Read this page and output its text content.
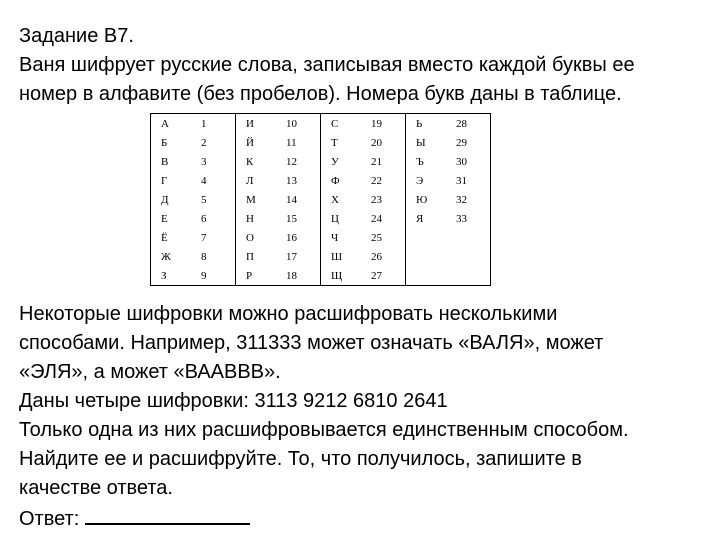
Задание В7.
Ваня шифрует русские слова, записывая вместо каждой буквы ее
номер в алфавите (без пробелов). Номера букв даны в таблице.
А 1	И 10	С 19	Ь 28

Б 2	Й 11	Т 20	Ы 29

В 3	К 12	У 21	Ъ 30

Г 4	Л 13	Ф 22	Э 31

Д 5	М 14	Х 23	Ю 32

Е 6	Н 15	Ц 24	Я 33

Ё 7	О 16	Ч 25	

Ж 8	П 17	Ш 26	

З 9	Р 18	Щ 27	

Некоторые шифровки можно расшифровать несколькими
способами. Например, 311333 может означать «ВАЛЯ», может
«ЭЛЯ», а может «ВААВВВ».
Даны четыре шифровки: 3113 9212 6810 2641
Только одна из них расшифровывается единственным способом.
Найдите ее и расшифруйте. То, что получилось, запишите в
качестве ответа.
Ответ:
